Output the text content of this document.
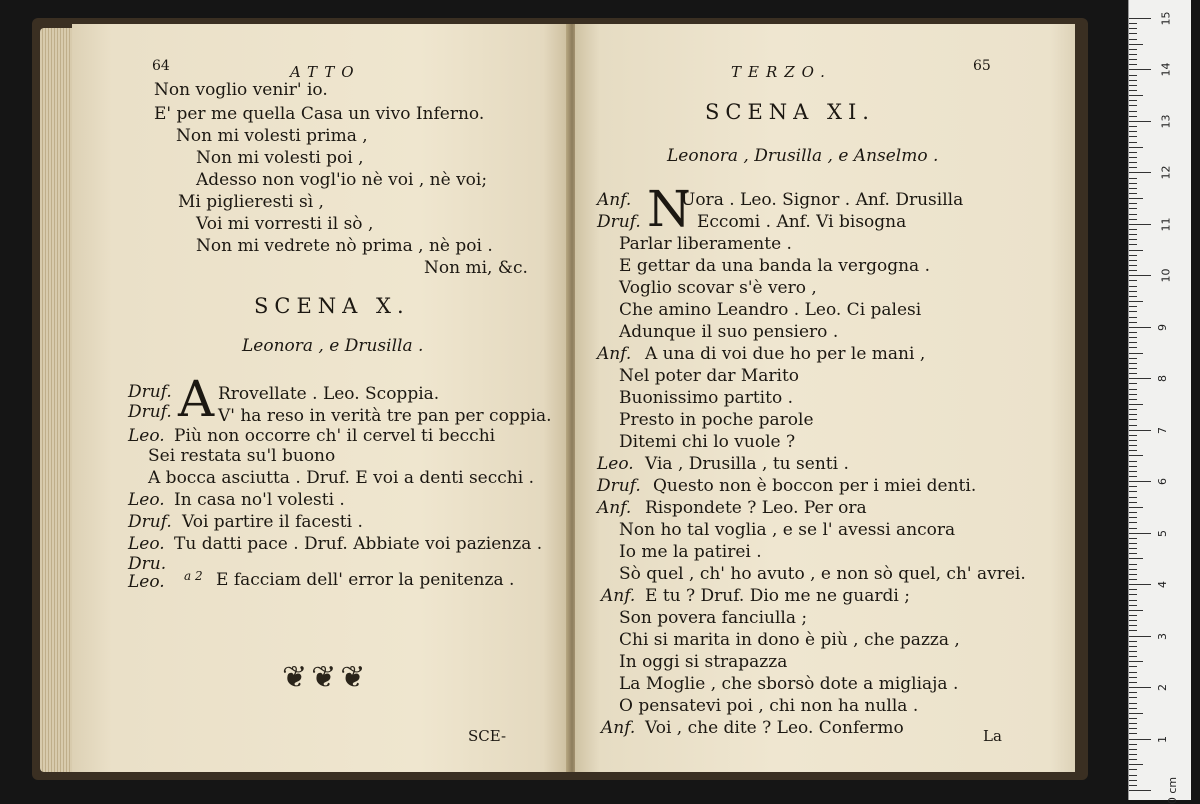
64	ATTO
Non voglio venir' io.
E' per me quella Casa un vivo Inferno.
Non mi volesti prima ,
Non mi volesti poi ,
Adesso non vogl'io nè voi , nè voi;
Mi piglieresti sì ,
Voi mi vorresti il sò ,
Non mi vedrete nò prima , nè poi .
Non mi, &c.
SCENA X.
Leonora , e Drusilla .
A
Druf.	Rrovellate . Leo. Scoppia.
Druf.	V' ha reso in verità tre pan per coppia.
Leo. Più non occorre ch' il cervel ti becchi
Sei restata su'l buono
A bocca asciutta . Druf. E voi a denti secchi .
Leo. In casa no'l volesti .
Druf. Voi partire il facesti .
Leo. Tu datti pace . Druf. Abbiate voi pazienza .
Dru.
Leo. a 2 E facciam dell' error la penitenza .
❦❦❦
SCE-
TERZO.	65
SCENA XI.
Leonora , Drusilla , e Anselmo .
N
Anf.	Uora . Leo. Signor . Anf. Drusilla
Druf.	Eccomi . Anf. Vi bisogna
Parlar liberamente .
E gettar da una banda la vergogna .
Voglio scovar s'è vero ,
Che amino Leandro . Leo. Ci palesi
Adunque il suo pensiero .
Anf. A una di voi due ho per le mani ,
Nel poter dar Marito
Buonissimo partito .
Presto in poche parole
Ditemi chi lo vuole ?
Leo. Via , Drusilla , tu senti .
Druf. Questo non è boccon per i miei denti.
Anf. Rispondete ? Leo. Per ora
Non ho tal voglia , e se l' avessi ancora
Io me la patirei .
Sò quel , ch' ho avuto , e non sò quel, ch' avrei.
Anf. E tu ? Druf. Dio me ne guardi ;
Son povera fanciulla ;
Chi si marita in dono è più , che pazza ,
In oggi si strapazza
La Moglie , che sborsò dote a migliaja .
O pensatevi poi , chi non ha nulla .
Anf. Voi , che dite ? Leo. Confermo	La
15
14
13
12
11
10
9
8
7
6
5
4
3
2
1
0 cm
